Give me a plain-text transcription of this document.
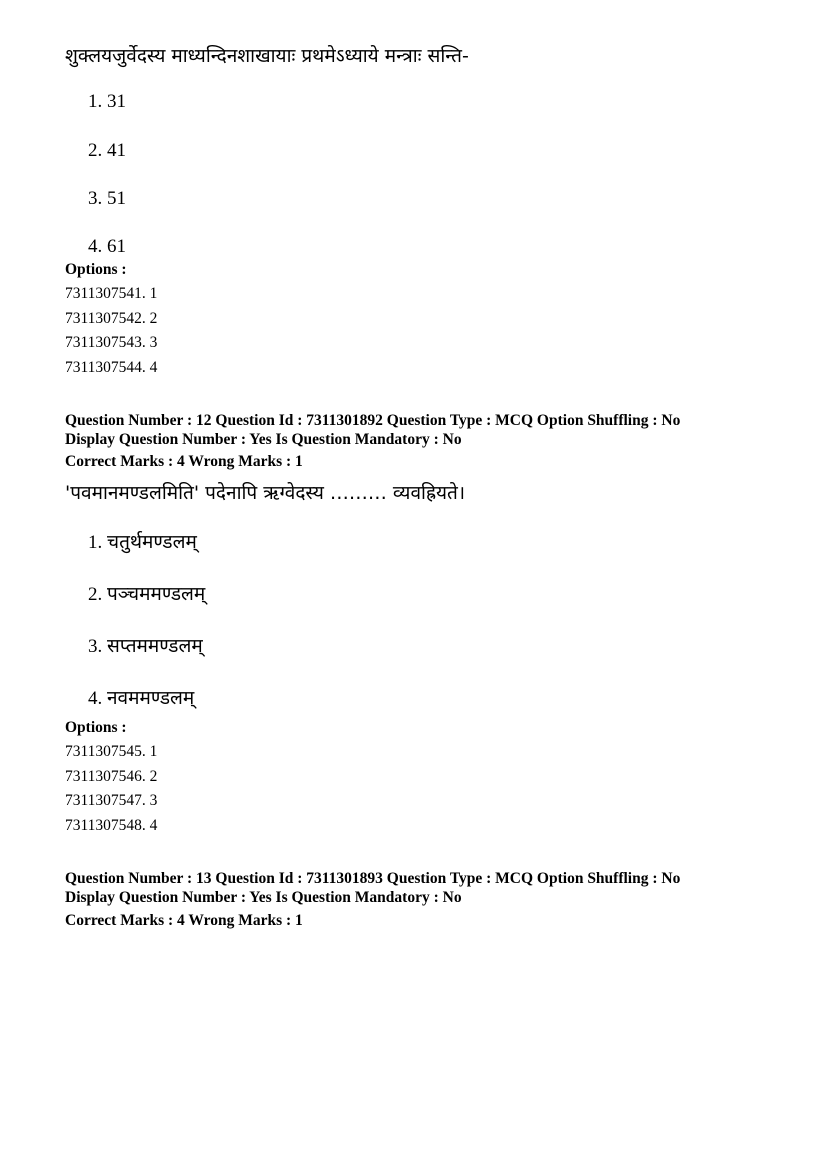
शुक्लयजुर्वेदस्य माध्यन्दिनशाखायाः प्रथमेऽध्याये मन्त्राः सन्ति-
1. 31
2. 41
3. 51
4. 61
Options :
7311307541. 1
7311307542. 2
7311307543. 3
7311307544. 4
Question Number : 12 Question Id : 7311301892 Question Type : MCQ Option Shuffling : No
Display Question Number : Yes Is Question Mandatory : No
Correct Marks : 4 Wrong Marks : 1
'पवमानमण्डलमिति' पदेनापि ऋग्वेदस्य ……… व्यवह्रियते।
1. चतुर्थमण्डलम्
2. पञ्चममण्डलम्
3. सप्तममण्डलम्
4. नवममण्डलम्
Options :
7311307545. 1
7311307546. 2
7311307547. 3
7311307548. 4
Question Number : 13 Question Id : 7311301893 Question Type : MCQ Option Shuffling : No
Display Question Number : Yes Is Question Mandatory : No
Correct Marks : 4 Wrong Marks : 1
